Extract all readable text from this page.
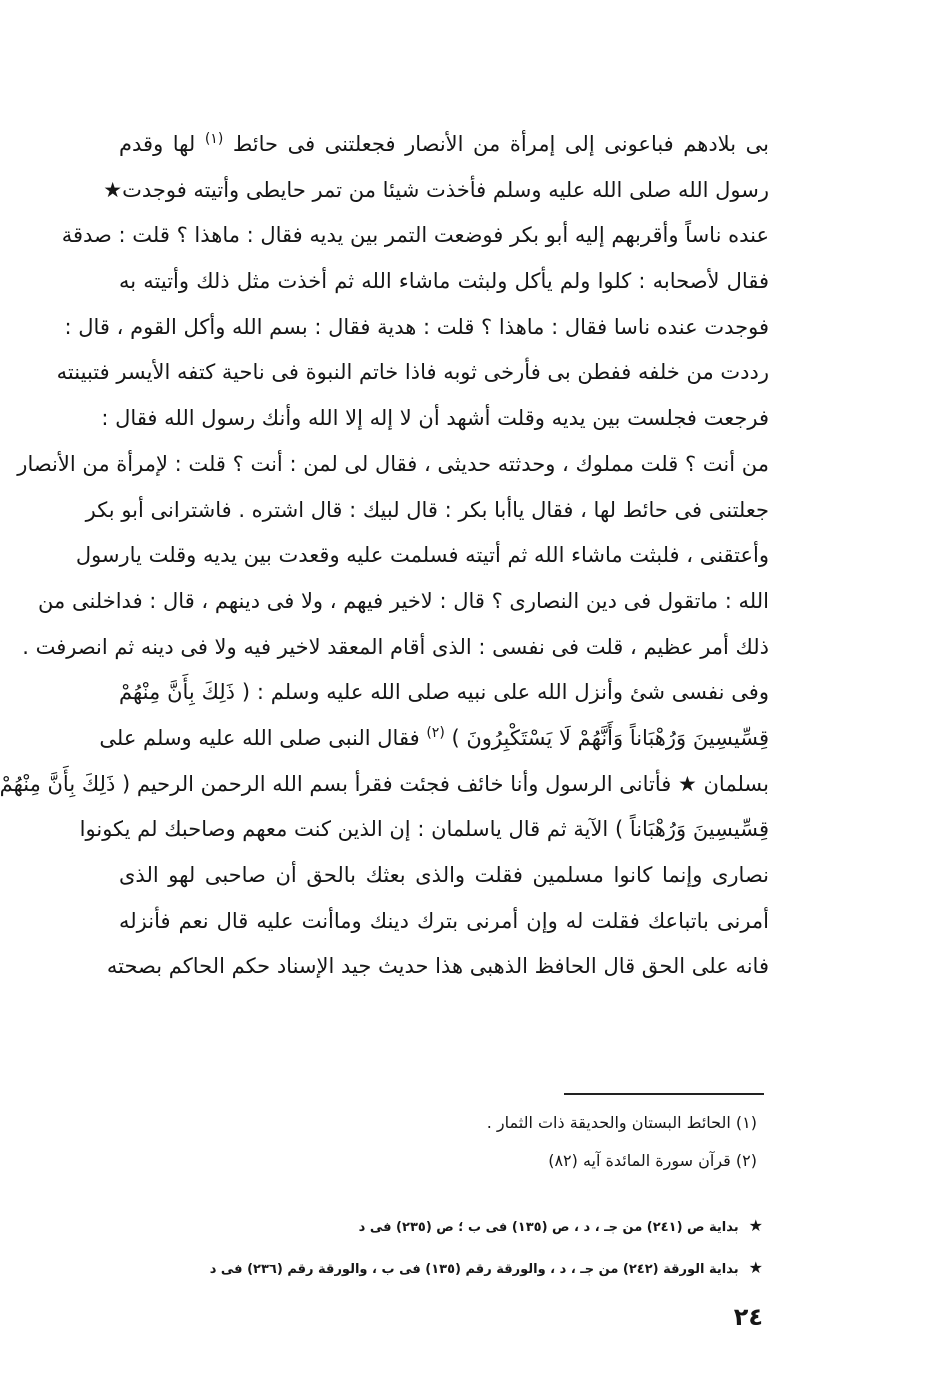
بى بلادهم فباعونى إلى إمرأة من الأنصار فجعلتنى فى حائط $^{(١)}$ لها وقدم
رسول الله صلى الله عليه وسلم فأخذت شيئا من تمر حايطى وأتيته فوجدت★
عنده ناساً وأقربهم إليه أبو بكر فوضعت التمر بين يديه فقال : ماهذا ؟ قلت : صدقة
فقال لأصحابه : كلوا ولم يأكل ولبثت ماشاء الله ثم أخذت مثل ذلك وأتيته به
فوجدت عنده ناسا فقال : ماهذا ؟ قلت : هدية فقال : بسم الله وأكل القوم ، قال :
رددت من خلفه ففطن بى فأرخى ثوبه فاذا خاتم النبوة فى ناحية كتفه الأيسر فتبينته
فرجعت فجلست بين يديه وقلت أشهد أن لا إله إلا الله وأنك رسول الله فقال :
من أنت ؟ قلت مملوك ، وحدثته حديثى ، فقال لى لمن : أنت ؟ قلت : لإمرأة من الأنصار
جعلتنى فى حائط لها ، فقال ياأبا بكر : قال لبيك : قال اشتره . فاشترانى أبو بكر
وأعتقنى ، فلبثت ماشاء الله ثم أتيته فسلمت عليه وقعدت بين يديه وقلت يارسول
الله : ماتقول فى دين النصارى ؟ قال : لاخير فيهم ، ولا فى دينهم ، قال : فداخلنى من
ذلك أمر عظيم ، قلت فى نفسى : الذى أقام المعقد لاخير فيه ولا فى دينه ثم انصرفت .
وفى نفسى شئ وأنزل الله على نبيه صلى الله عليه وسلم : ( ذَلِكَ بِأَنَّ مِنْهُمْ
قِسِّيسِينَ وَرُهْبَاناً وَأَنَّهُمْ لَا يَسْتَكْبِرُونَ ) $^{(٢)}$ فقال النبى صلى الله عليه وسلم على
بسلمان ★ فأتانى الرسول وأنا خائف فجئت فقرأ بسم الله الرحمن الرحيم ( ذَلِكَ بِأَنَّ مِنْهُمْ
قِسِّيسِينَ وَرُهْبَاناً ) الآية ثم قال ياسلمان : إن الذين كنت معهم وصاحبك لم يكونوا
نصارى وإنما كانوا مسلمين فقلت والذى بعثك بالحق أن صاحبى لهو الذى
أمرنى باتباعك فقلت له وإن أمرنى بترك دينك وماأنت عليه قال نعم فأنزله
فانه على الحق قال الحافظ الذهبى هذا حديث جيد الإسناد حكم الحاكم بصحته
(١) الحائط البستان والحديقة ذات الثمار .
(٢) قرآن سورة المائدة آيه (٨٢)
★بداية ص (٢٤١) من جـ ، د ، ص (١٣٥) فى ب ؛ ص (٢٣٥) فى د
★بداية الورقة (٢٤٢) من جـ ، د ، والورقة رقم (١٣٥) فى ب ، والورقة رقم (٢٣٦) فى د
٢٤
